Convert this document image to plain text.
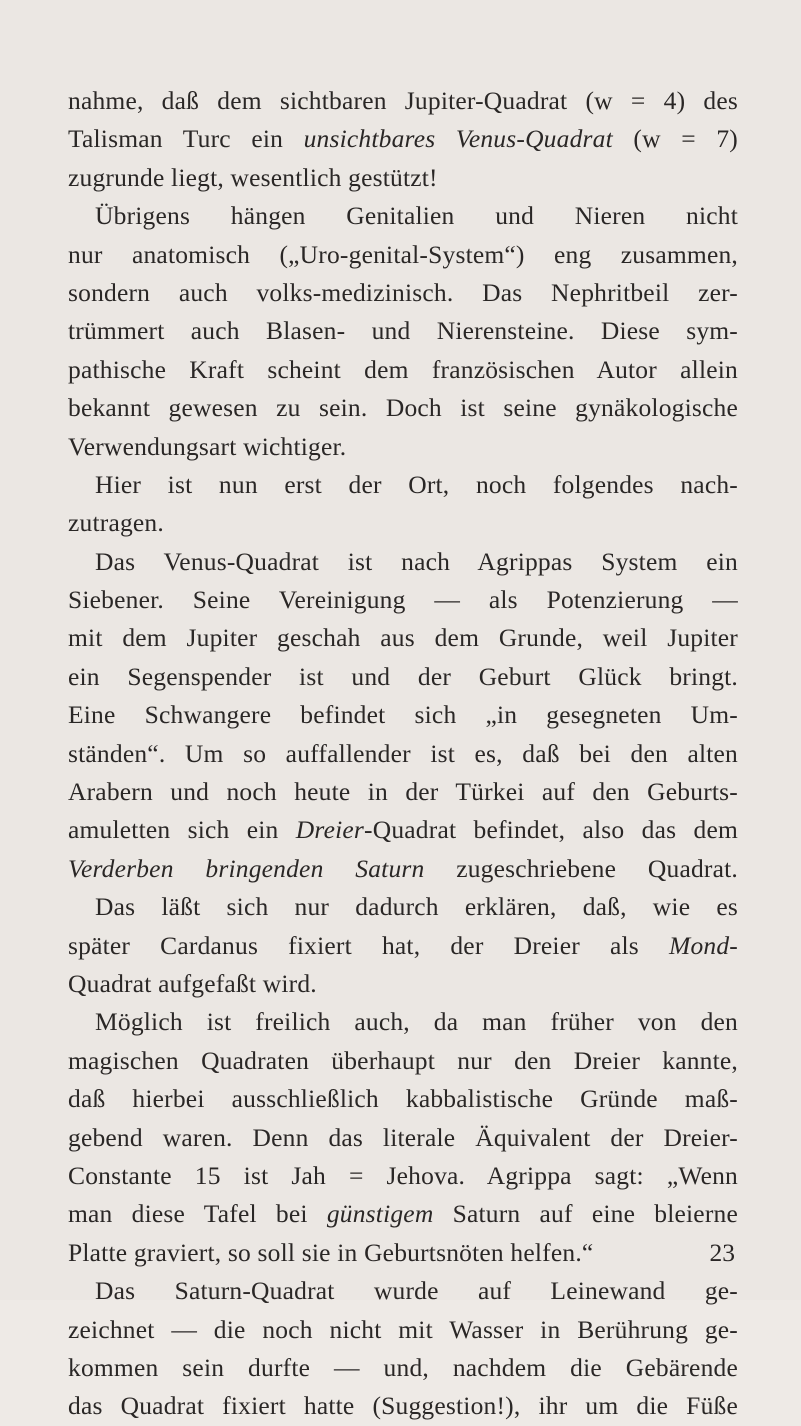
nahme, daß dem sichtbaren Jupiter-Quadrat (w = 4) des
Talisman Turc ein unsichtbares Venus-Quadrat (w = 7)
zugrunde liegt, wesentlich gestützt!
Übrigens hängen Genitalien und Nieren nicht
nur anatomisch („Uro-genital-System“) eng zusammen,
sondern auch volks-medizinisch. Das Nephritbeil zer-
trümmert auch Blasen- und Nierensteine. Diese sym-
pathische Kraft scheint dem französischen Autor allein
bekannt gewesen zu sein. Doch ist seine gynäkologische
Verwendungsart wichtiger.
Hier ist nun erst der Ort, noch folgendes nach-
zutragen.
Das Venus-Quadrat ist nach Agrippas System ein
Siebener. Seine Vereinigung — als Potenzierung —
mit dem Jupiter geschah aus dem Grunde, weil Jupiter
ein Segenspender ist und der Geburt Glück bringt.
Eine Schwangere befindet sich „in gesegneten Um-
ständen“. Um so auffallender ist es, daß bei den alten
Arabern und noch heute in der Türkei auf den Geburts-
amuletten sich ein Dreier-Quadrat befindet, also das dem
Verderben bringenden Saturn zugeschriebene Quadrat.
Das läßt sich nur dadurch erklären, daß, wie es
später Cardanus fixiert hat, der Dreier als Mond-
Quadrat aufgefaßt wird.
Möglich ist freilich auch, da man früher von den
magischen Quadraten überhaupt nur den Dreier kannte,
daß hierbei ausschließlich kabbalistische Gründe maß-
gebend waren. Denn das literale Äquivalent der Dreier-
Constante 15 ist Jah = Jehova. Agrippa sagt: „Wenn
man diese Tafel bei günstigem Saturn auf eine bleierne
Platte graviert, so soll sie in Geburtsnöten helfen.“
Das Saturn-Quadrat wurde auf Leinewand ge-
zeichnet — die noch nicht mit Wasser in Berührung ge-
kommen sein durfte — und, nachdem die Gebärende
das Quadrat fixiert hatte (Suggestion!), ihr um die Füße
23
